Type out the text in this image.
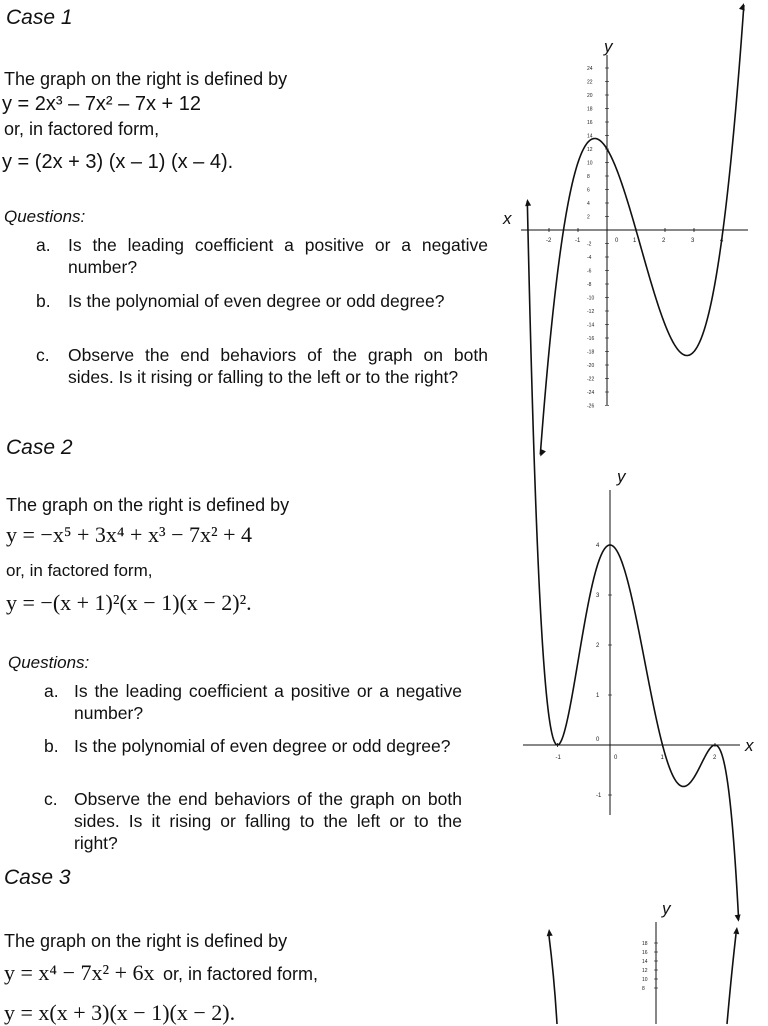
Case 1
The graph on the right is defined by
y = 2x³ – 7x² – 7x + 12
or, in factored form,
y = (2x + 3) (x – 1) (x – 4).
Questions:
a. Is the leading coefficient a positive or a negative number?
b. Is the polynomial of even degree or odd degree?
c. Observe the end behaviors of the graph on both sides. Is it rising or falling to the left or to the right?
x
y
-2	-1	0 1	2	3	4
24
22
20
18
16
14
12
10
8
6
4
2
-2
-4
-6
-8
-10
-12
-14
-16
-18
-20
-22
-24
-26
x
y
-1	0	1	2
4
3
2
1
0
-1
y
18
16
14
12
10
8
Case 2
The graph on the right is defined by
y = −x⁵ + 3x⁴ + x³ − 7x² + 4
or, in factored form,
y = −(x + 1)²(x − 1)(x − 2)².
Questions:
a. Is the leading coefficient a positive or a negative number?
b. Is the polynomial of even degree or odd degree?
c. Observe the end behaviors of the graph on both sides. Is it rising or falling to the left or to the right?
Case 3
The graph on the right is defined by
y = x⁴ − 7x² + 6x or, in factored form,
y = x(x + 3)(x − 1)(x − 2).
